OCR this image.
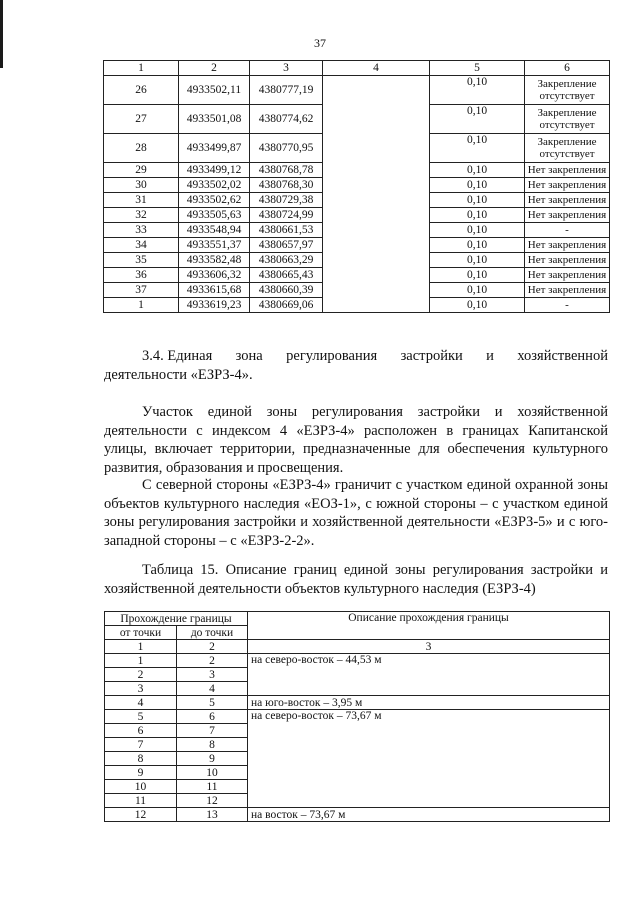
37
1	2	3	4	5	6
26	4933502,11	4380777,19		0,10	Закрепление отсутствует
27	4933501,08	4380774,62		0,10	Закрепление отсутствует
28	4933499,87	4380770,95		0,10	Закрепление отсутствует
29	4933499,12	4380768,78		0,10	Нет закрепления
30	4933502,02	4380768,30		0,10	Нет закрепления
31	4933502,62	4380729,38		0,10	Нет закрепления
32	4933505,63	4380724,99		0,10	Нет закрепления
33	4933548,94	4380661,53		0,10	-
34	4933551,37	4380657,97		0,10	Нет закрепления
35	4933582,48	4380663,29		0,10	Нет закрепления
36	4933606,32	4380665,43		0,10	Нет закрепления
37	4933615,68	4380660,39		0,10	Нет закрепления
1	4933619,23	4380669,06		0,10	-
3.4. Единая зона регулирования застройки и хозяйственной
деятельности «ЕЗРЗ-4».

Участок единой зоны регулирования застройки и хозяйственной деятельности с индексом 4 «ЕЗРЗ-4» расположен в границах Капитанской улицы, включает территории, предназначенные для обеспечения культурного развития, образования и просвещения.

С северной стороны «ЕЗРЗ-4» граничит с участком единой охранной зоны объектов культурного наследия «ЕОЗ-1», с южной стороны – с участком единой зоны регулирования застройки и хозяйственной деятельности «ЕЗРЗ-5» и с юго-западной стороны – с «ЕЗРЗ-2-2».

Таблица 15. Описание границ единой зоны регулирования застройки и хозяйственной деятельности объектов культурного наследия (ЕЗРЗ-4)

Прохождение границы		Описание прохождения границы
от точки	до точки	
1	2	3
1	2	на северо-восток – 44,53 м
2	3	
3	4	
4	5	на юго-восток – 3,95 м
5	6	на северо-восток – 73,67 м
6	7	
7	8	
8	9	
9	10	
10	11	
11	12	
12	13	на восток – 73,67 м
